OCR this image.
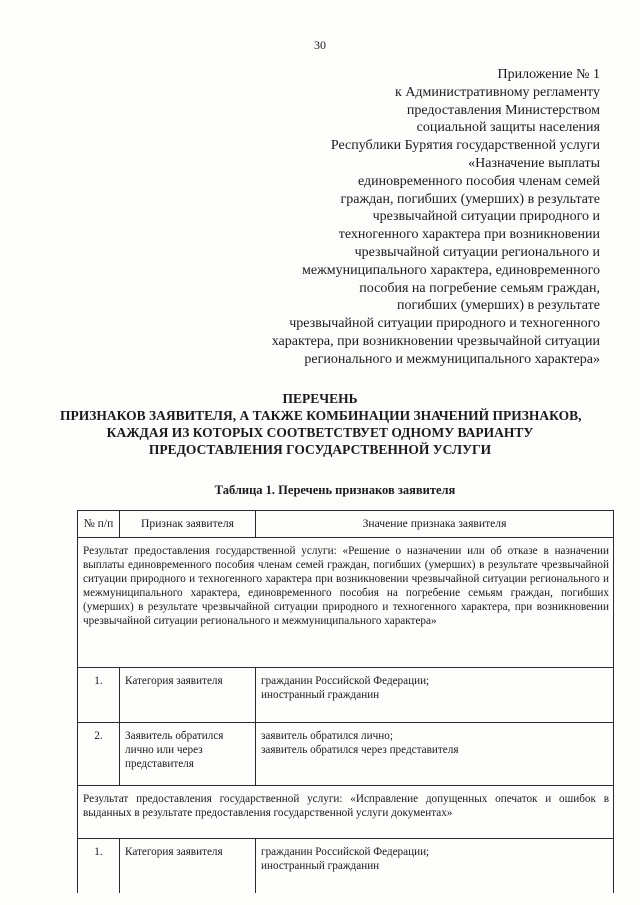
30
Приложение № 1
к Административному регламенту
предоставления Министерством
социальной защиты населения
Республики Бурятия государственной услуги
«Назначение выплаты
единовременного пособия членам семей
граждан, погибших (умерших) в результате
чрезвычайной ситуации природного и
техногенного характера при возникновении
чрезвычайной ситуации регионального и
межмуниципального характера, единовременного
пособия на погребение семьям граждан,
погибших (умерших) в результате
чрезвычайной ситуации природного и техногенного
характера, при возникновении чрезвычайной ситуации
регионального и межмуниципального характера»
ПЕРЕЧЕНЬ
ПРИЗНАКОВ ЗАЯВИТЕЛЯ, А ТАКЖЕ КОМБИНАЦИИ ЗНАЧЕНИЙ ПРИЗНАКОВ,
КАЖДАЯ ИЗ КОТОРЫХ СООТВЕТСТВУЕТ ОДНОМУ ВАРИАНТУ
ПРЕДОСТАВЛЕНИЯ ГОСУДАРСТВЕННОЙ УСЛУГИ
Таблица 1. Перечень признаков заявителя
№ п/п	Признак заявителя	Значение признака заявителя
Результат предоставления государственной услуги: «Решение о назначении или об отказе в назначении выплаты единовременного пособия членам семей граждан, погибших (умерших) в результате чрезвычайной ситуации природного и техногенного характера при возникновении чрезвычайной ситуации регионального и межмуниципального характера, единовременного пособия на погребение семьям граждан, погибших (умерших) в результате чрезвычайной ситуации природного и техногенного характера, при возникновении чрезвычайной ситуации регионального и межмуниципального характера»		
1.	Категория заявителя	гражданин Российской Федерации;
иностранный гражданин

2.	Заявитель обратился
лично или через
представителя	заявитель обратился лично;
заявитель обратился через представителя

Результат предоставления государственной услуги: «Исправление допущенных опечаток и ошибок в выданных в результате предоставления государственной услуги документах»		
1.	Категория заявителя	гражданин Российской Федерации;
иностранный гражданин
